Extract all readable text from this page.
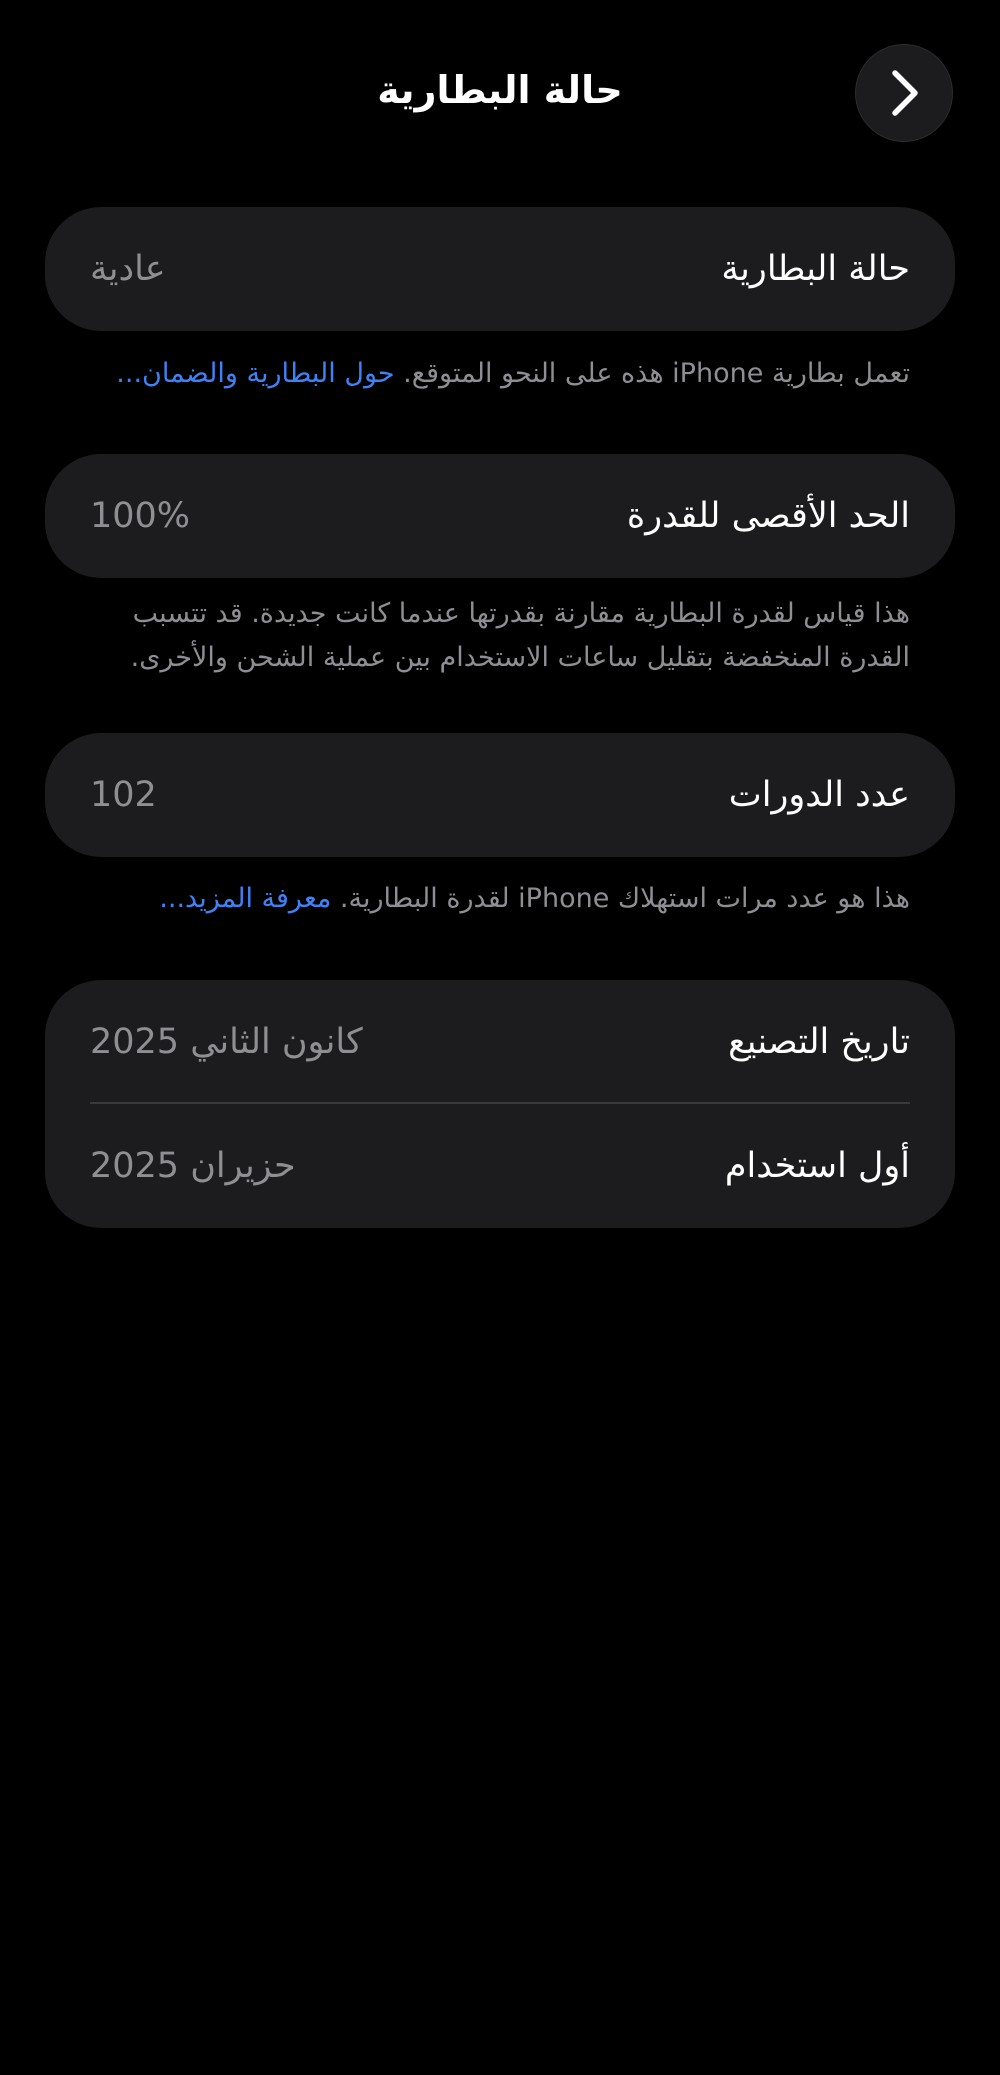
حالة البطارية
حالة البطارية
عادية
تعمل بطارية iPhone هذه على النحو المتوقع. حول البطارية والضمان...
الحد الأقصى للقدرة
100%
هذا قياس لقدرة البطارية مقارنة بقدرتها عندما كانت جديدة. قد تتسبب القدرة المنخفضة بتقليل ساعات الاستخدام بين عملية الشحن والأخرى.
عدد الدورات
102
هذا هو عدد مرات استهلاك iPhone لقدرة البطارية. معرفة المزيد...
تاريخ التصنيع
كانون الثاني 2025
أول استخدام
حزيران 2025
